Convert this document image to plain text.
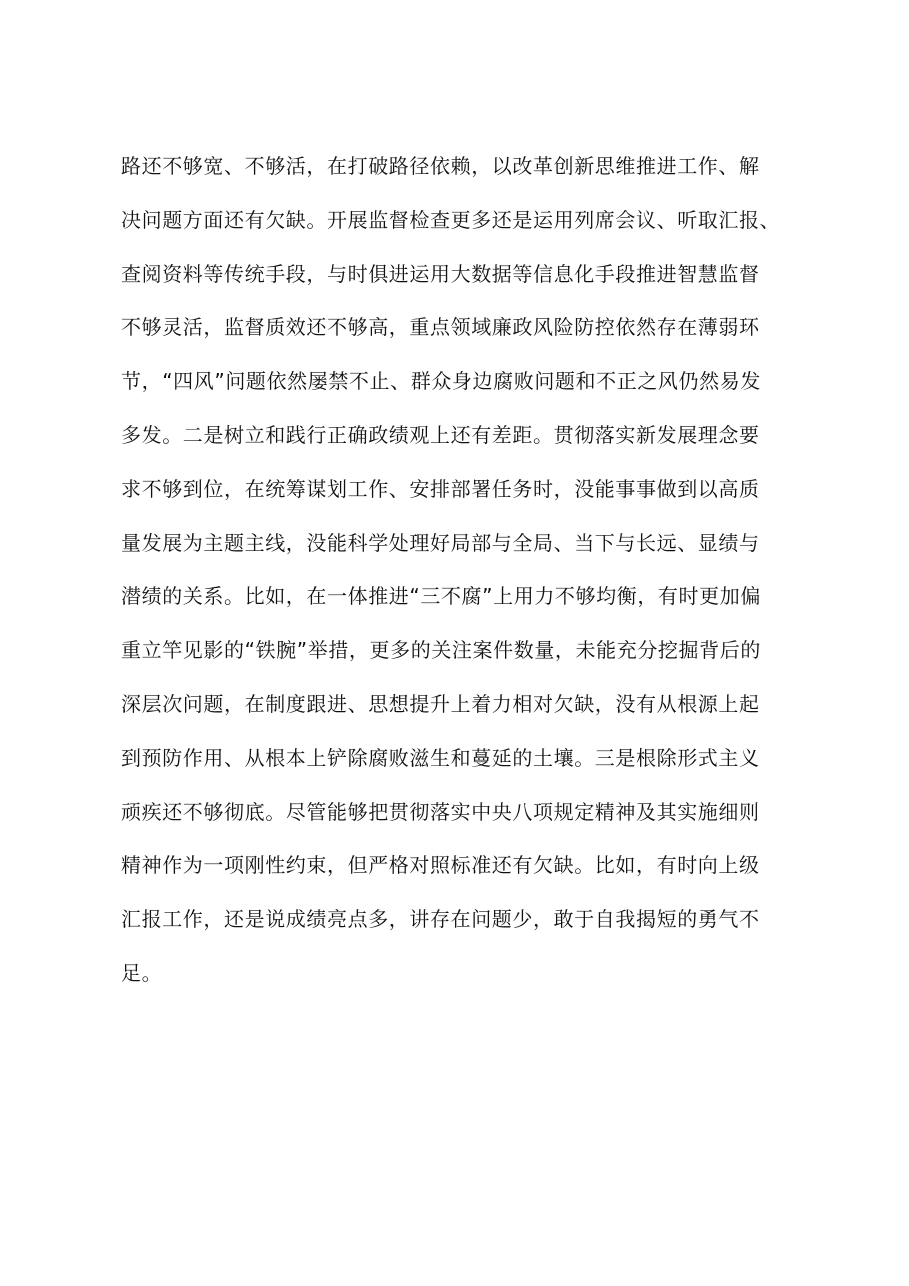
路还不够宽、不够活，在打破路径依赖，以改革创新思维推进工作、解
决问题方面还有欠缺。开展监督检查更多还是运用列席会议、听取汇报、
查阅资料等传统手段，与时俱进运用大数据等信息化手段推进智慧监督
不够灵活，监督质效还不够高，重点领域廉政风险防控依然存在薄弱环
节，“四风”问题依然屡禁不止、群众身边腐败问题和不正之风仍然易发
多发。二是树立和践行正确政绩观上还有差距。贯彻落实新发展理念要
求不够到位，在统筹谋划工作、安排部署任务时，没能事事做到以高质
量发展为主题主线，没能科学处理好局部与全局、当下与长远、显绩与
潜绩的关系。比如，在一体推进“三不腐”上用力不够均衡，有时更加偏
重立竿见影的“铁腕”举措，更多的关注案件数量，未能充分挖掘背后的
深层次问题，在制度跟进、思想提升上着力相对欠缺，没有从根源上起
到预防作用、从根本上铲除腐败滋生和蔓延的土壤。三是根除形式主义
顽疾还不够彻底。尽管能够把贯彻落实中央八项规定精神及其实施细则
精神作为一项刚性约束，但严格对照标准还有欠缺。比如，有时向上级
汇报工作，还是说成绩亮点多，讲存在问题少，敢于自我揭短的勇气不
足。
